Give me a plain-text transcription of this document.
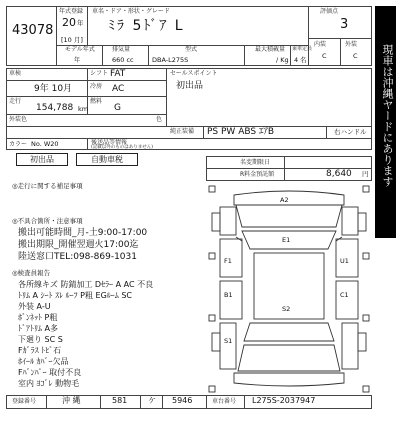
43078
年式登録
20 年
[10 月]
車名・ドア・形状・グレード
ﾐﾗ 5ﾄﾞｱ L
評価点
3
内装	外装
C	C
モデル年式
年
排気量
660 cc
型式
DBA-L275S
最大積載量
/ Kg
乗車定員
4 名
車検	シフト FAT	セールスポイント
初出品
9年 10月	冷房 AC
走行
154,788 km
燃料
G
外装色	色
純正装備 PS PW ABS ｴｱB	右ハンドル
カラー No. W20	後送品等情報
(記載以外のものはありません)
初出品	自動車税	現車は沖縄ヤードにあります
名変期限日
R料金預託額	8,640 円
◎走行に関する補足事項
◎不具合箇所・注意事項
搬出可能時間_月-土9:00-17:00
搬出期限_開催翌週火17:00迄
陸送窓口TEL:098-869-1031
◎検査員報告
各所線キズ 防錆加工 Dｾﾗｰ A AC 不良
ﾄﾘﾑ A ｼｰﾄ ｽﾚ ﾙｰﾌ P粗 EGﾙｰﾑ SC
外装 A-U
ﾎﾞﾝﾈｯﾄ P粗
ﾄﾞｱﾄﾘﾑ A多
下廻り SC S
Fｶﾞﾗｽ ﾄﾋﾞ石
ﾎｲｰﾙ ｶﾊﾞｰ欠品
Fﾊﾞﾝﾊﾟｰ 取付不良
室内 ﾖｺﾞﾚ 動物毛
A2
E1
F1	U1
B1	C1
S2
S1
登録番号	沖 縄	581	ケ 5946	車台番号 L275S-2037947
